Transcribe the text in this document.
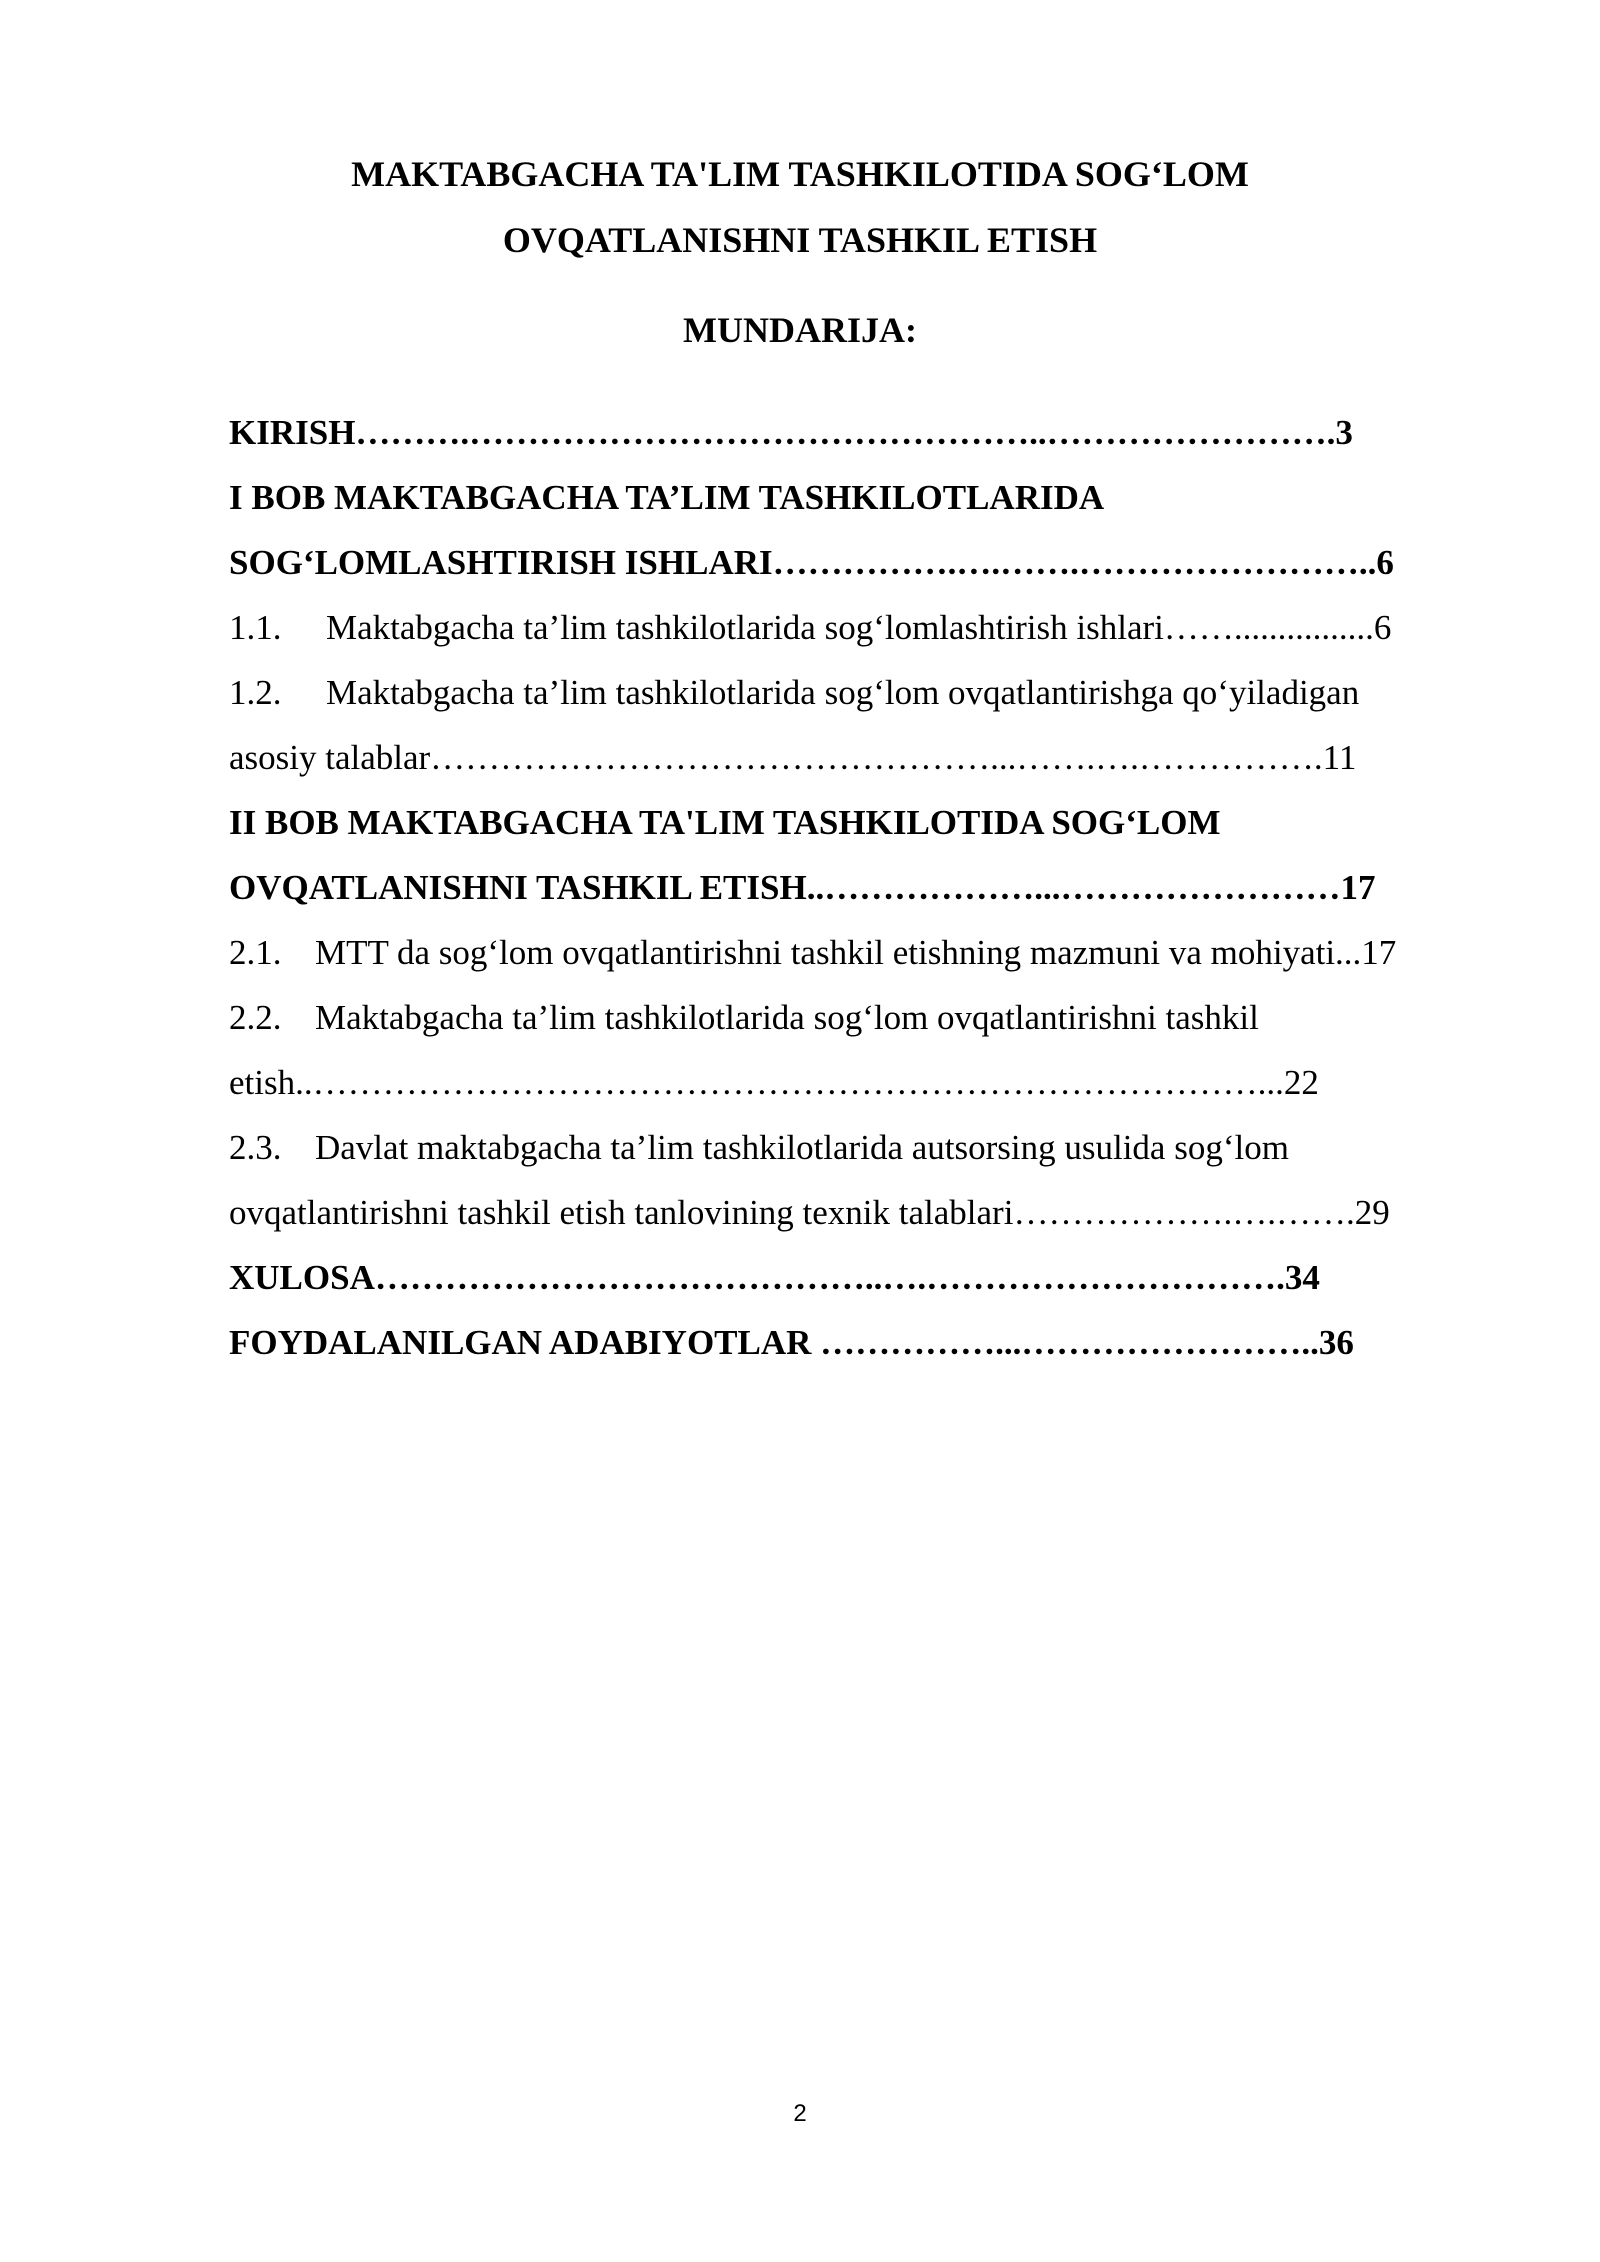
MAKTABGACHA TA'LIM TASHKILOTIDA SOG‘LOM
OVQATLANISHNI TASHKIL ETISH
MUNDARIJA:
KIRISH……….…………………………………………..…………………….3
I BOB MAKTABGACHA TA’LIM TASHKILOTLARIDA
SOG‘LOMLASHTIRISH ISHLARI…………….….…….……………………..6
1.1. Maktabgacha ta’lim tashkilotlarida sog‘lomlashtirish ishlari……................6
1.2. Maktabgacha ta’lim tashkilotlarida sog‘lom ovqatlantirishga qo‘yiladigan
asosiy talablar…………………………………………...…….….…………….11
II BOB MAKTABGACHA TA'LIM TASHKILOTIDA SOG‘LOM
OVQATLANISHNI TASHKIL ETISH..………………...……………………17
2.1. MTT da sog‘lom ovqatlantirishni tashkil etishning mazmuni va mohiyati...17
2.2. Maktabgacha ta’lim tashkilotlarida sog‘lom ovqatlantirishni tashkil
etish..………………………………………………………………………...22
2.3. Davlat maktabgacha ta’lim tashkilotlarida autsorsing usulida sog‘lom
ovqatlantirishni tashkil etish tanlovining texnik talablari……………….….…….29
XULOSA……………………………………..….………………………….34
FOYDALANILGAN ADABIYOTLAR ……………...……………………..36
2
